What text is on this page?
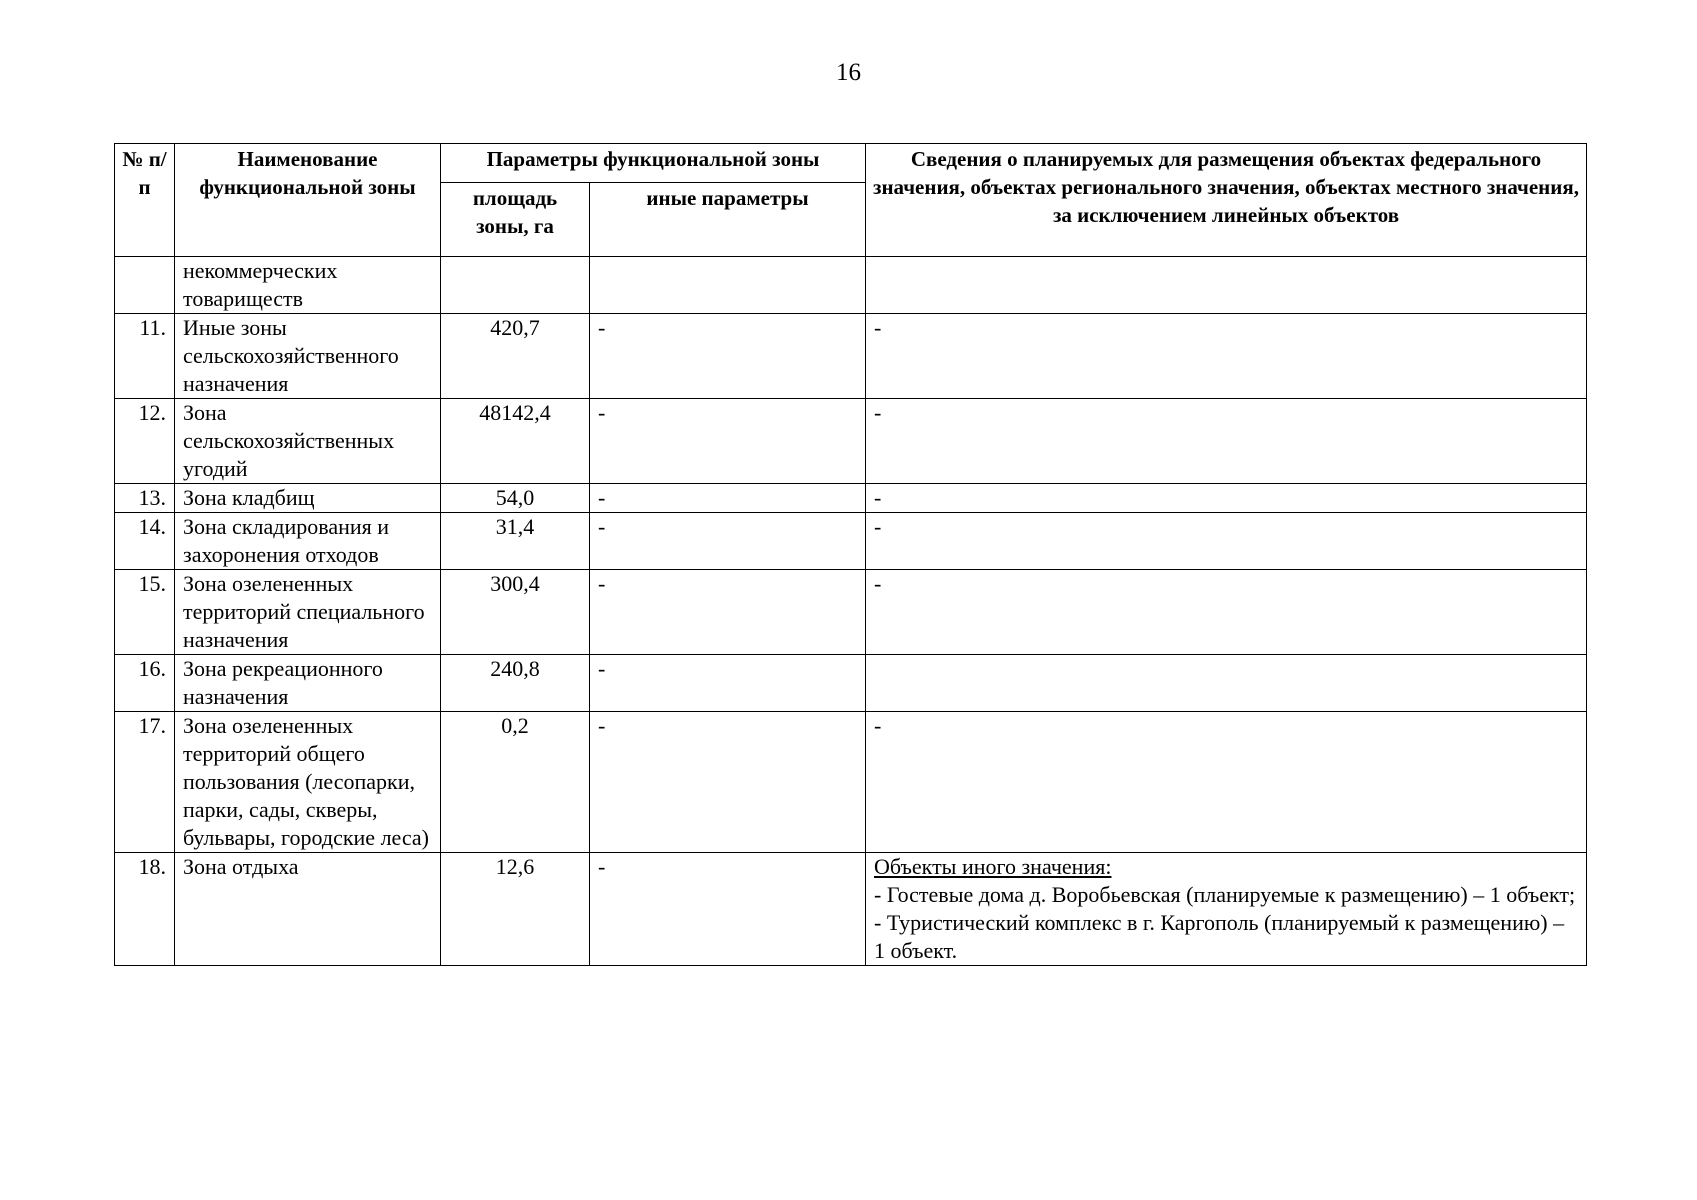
16
№ п/п	Наименование функциональной зоны	Параметры функциональной зоны		Сведения о планируемых для размещения объектах федерального значения, объектах регионального значения, объектах местного значения, за исключением линейных объектов
		площадь зоны, га	иные параметры	
	некоммерческих товариществ			
11.	Иные зоны сельскохозяйственного назначения	420,7	-	-
12.	Зона сельскохозяйственных угодий	48142,4	-	-
13.	Зона кладбищ	54,0	-	-
14.	Зона складирования и захоронения отходов	31,4	-	-
15.	Зона озелененных территорий специального назначения	300,4	-	-
16.	Зона рекреационного назначения	240,8	-	
17.	Зона озелененных территорий общего пользования (лесопарки, парки, сады, скверы, бульвары, городские леса)	0,2	-	-
18.	Зона отдыха	12,6	-	Объекты иного значения:
- Гостевые дома д. Воробьевская (планируемые к размещению) – 1 объект;
- Туристический комплекс в г. Каргополь (планируемый к размещению) – 1 объект.
